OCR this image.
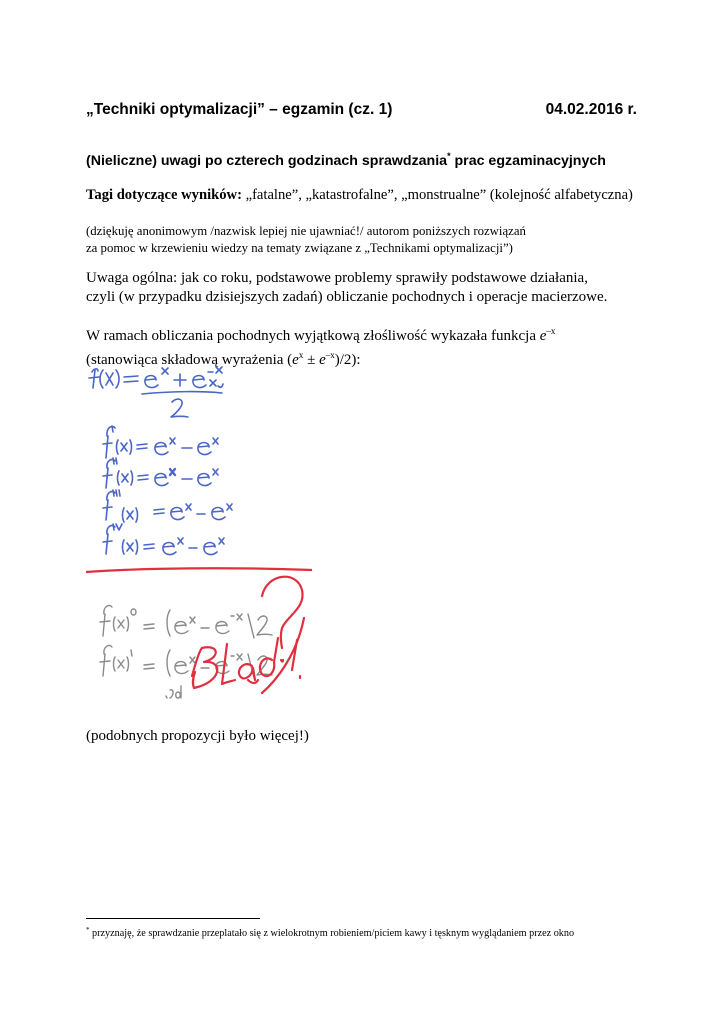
„Techniki optymalizacji” – egzamin (cz. 1)	04.02.2016 r.
(Nieliczne) uwagi po czterech godzinach sprawdzania* prac egzaminacyjnych
Tagi dotyczące wyników: „fatalne”, „katastrofalne”, „monstrualne” (kolejność alfabetyczna)
(dziękuję anonimowym /nazwisk lepiej nie ujawniać!/ autorom poniższych rozwiązań
za pomoc w krzewieniu wiedzy na tematy związane z „Technikami optymalizacji”)
Uwaga ogólna: jak co roku, podstawowe problemy sprawiły podstawowe działania,
czyli (w przypadku dzisiejszych zadań) obliczanie pochodnych i operacje macierzowe.
W ramach obliczania pochodnych wyjątkową złośliwość wykazała funkcja $e^{-x}$
(stanowiąca składową wyrażenia $(e^x \pm e^{-x})/2$):
(podobnych propozycji było więcej!)
* przyznaję, że sprawdzanie przeplatało się z wielokrotnym robieniem/piciem kawy i tęsknym wyglądaniem przez okno
